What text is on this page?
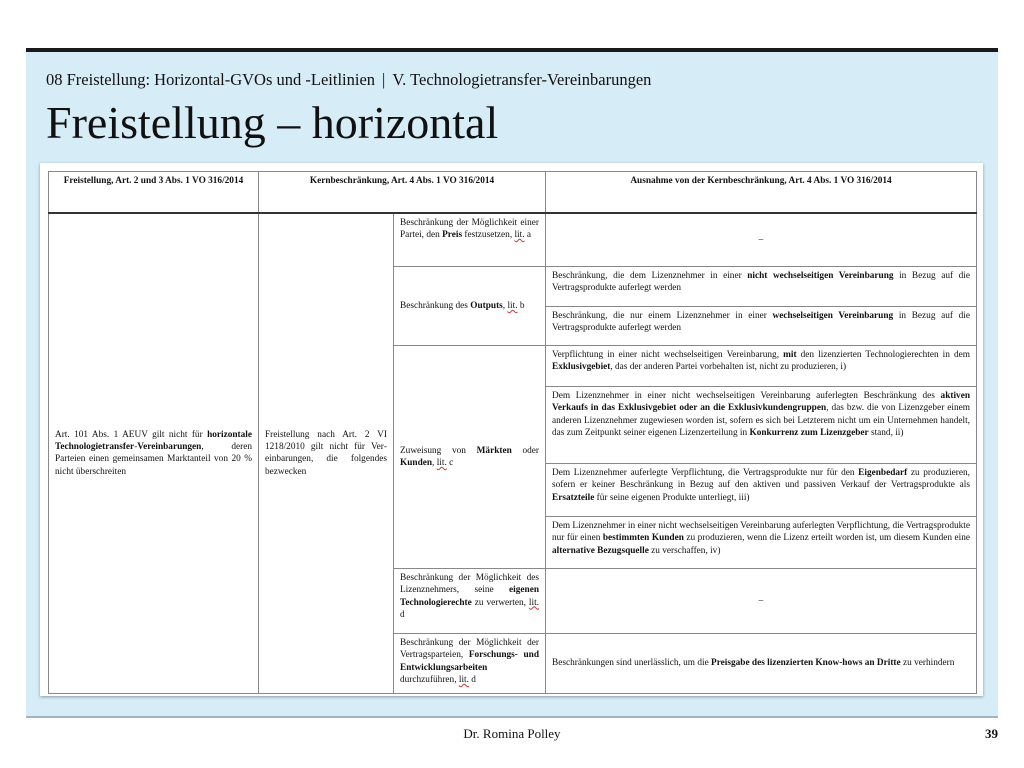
08 Freistellung: Horizontal-GVOs und -Leitlinien | V. Technologietransfer-Vereinbarungen
Freistellung – horizontal
Freistellung, Art. 2 und 3 Abs. 1 VO 316/2014	Kernbeschränkung, Art. 4 Abs. 1 VO 316/2014		Ausnahme von der Kernbeschränkung, Art. 4 Abs. 1 VO 316/2014
Art. 101 Abs. 1 AEUV gilt nicht für horizontale Technologietransfer-Vereinbarungen, deren Parteien einen gemeinsamen Marktanteil von 20 % nicht überschreiten	Freistellung nach Art. 2 VI 1218/2010 gilt nicht für Vereinbarungen, die folgendes bezwecken	Beschränkung der Möglichkeit einer Partei, den Preis festzusetzen, lit. a	–
		Beschränkung des Outputs, lit. b	Beschränkung, die dem Lizenznehmer in einer nicht wechselseitigen Vereinbarung in Bezug auf die Vertragsprodukte auferlegt werden
			Beschränkung, die nur einem Lizenznehmer in einer wechselseitigen Vereinbarung in Bezug auf die Vertragsprodukte auferlegt werden
		Zuweisung von Märkten oder Kunden, lit. c	Verpflichtung in einer nicht wechselseitigen Vereinbarung, mit den lizenzierten Technologierechten in dem Exklusivgebiet, das der anderen Partei vorbehalten ist, nicht zu produzieren, i)
			Dem Lizenznehmer in einer nicht wechselseitigen Vereinbarung auferlegten Beschränkung des aktiven Verkaufs in das Exklusivgebiet oder an die Exklusivkundengruppen, das bzw. die von Lizenzgeber einem anderen Lizenznehmer zugewiesen worden ist, sofern es sich bei Letzterem nicht um ein Unternehmen handelt, das zum Zeitpunkt seiner eigenen Lizenzerteilung in Konkurrenz zum Lizenzgeber stand, ii)
			Dem Lizenznehmer auferlegte Verpflichtung, die Vertragsprodukte nur für den Eigenbedarf zu produzieren, sofern er keiner Beschränkung in Bezug auf den aktiven und passiven Verkauf der Vertragsprodukte als Ersatzteile für seine eigenen Produkte unterliegt, iii)
			Dem Lizenznehmer in einer nicht wechselseitigen Vereinbarung auferlegten Verpflichtung, die Vertragsprodukte nur für einen bestimmten Kunden zu produzieren, wenn die Lizenz erteilt worden ist, um diesem Kunden eine alternative Bezugsquelle zu verschaffen, iv)
		Beschränkung der Möglichkeit des Lizenznehmers, seine eigenen Technologierechte zu verwerten, lit. d	–
		Beschränkung der Möglichkeit der Vertragsparteien, Forschungs- und Entwicklungsarbeiten durchzuführen, lit. d	Beschränkungen sind unerlässlich, um die Preisgabe des lizenzierten Know-hows an Dritte zu verhindern
Dr. Romina Polley	39
